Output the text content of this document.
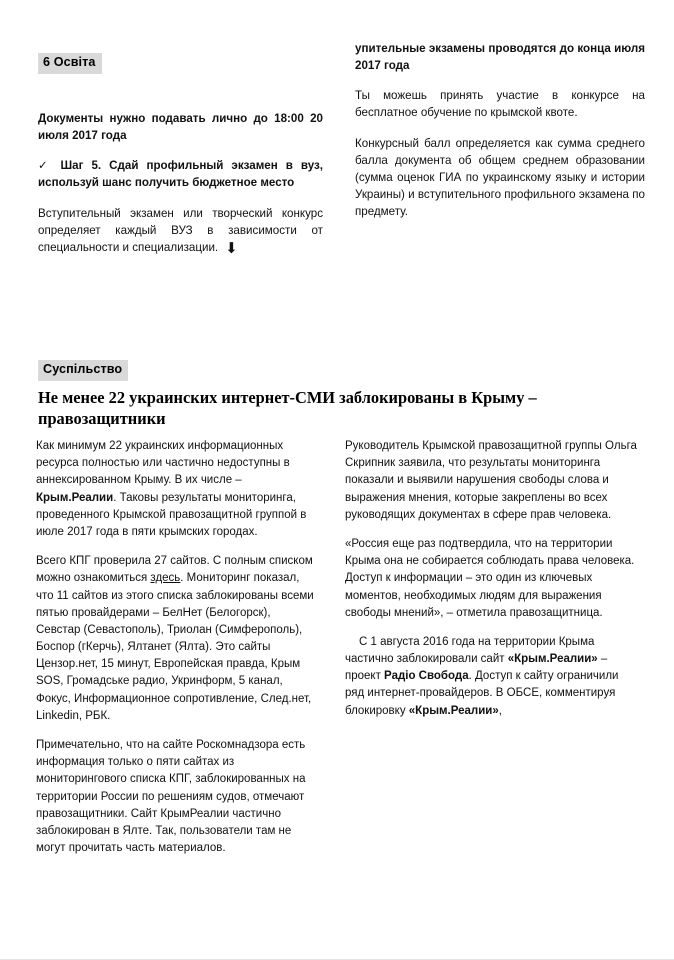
6 Освіта

Документы нужно подавать лично до 18:00 20 июля 2017 года

✓ Шаг 5. Сдай профильный экзамен в вуз, используй шанс получить бюджетное место

Вступительный экзамен или творческий конкурс определяет каждый ВУЗ в зависимости от специальности и специализации. ⬇

упительные экзамены проводятся до конца июля 2017 года

Ты можешь принять участие в конкурсе на бесплатное обучение по крымской квоте.

Конкурсный балл определяется как сумма среднего балла документа об общем среднем образовании (сумма оценок ГИА по украинскому языку и истории Украины) и вступительного профильного экзамена по предмету.

Суспільство
Не менее 22 украинских интернет-СМИ заблокированы в Крыму – правозащитники

Как минимум 22 украинских информационных ресурса полностью или частично недоступны в аннексированном Крыму. В их числе – Крым.Реалии. Таковы результаты мониторинга, проведенного Крымской правозащитной группой в июле 2017 года в пяти крымских городах.

Всего КПГ проверила 27 сайтов. С полным списком можно ознакомиться здесь. Мониторинг показал, что 11 сайтов из этого списка заблокированы всеми пятью провайдерами – БелНет (Белогорск), Севстар (Севастополь), Триолан (Симферополь), Боспор (гКерчь), Ялтанет (Ялта). Это сайты Цензор.нет, 15 минут, Европейская правда, Крым SOS, Громадське радио, Укринформ, 5 канал, Фокус, Информационное сопротивление, След.нет, Linkedin, РБК.

Примечательно, что на сайте Роскомнадзора есть информация только о пяти сайтах из мониторингового списка КПГ, заблокированных на территории России по решениям судов, отмечают правозащитники. Сайт КрымРеалии частично заблокирован в Ялте. Так, пользователи там не могут прочитать часть материалов.

Руководитель Крымской правозащитной группы Ольга Скрипник заявила, что результаты мониторинга показали и выявили нарушения свободы слова и выражения мнения, которые закреплены во всех руководящих документах в сфере прав человека.

«Россия еще раз подтвердила, что на территории Крыма она не собирается соблюдать права человека. Доступ к информации – это один из ключевых моментов, необходимых людям для выражения свободы мнений», – отметила правозащитница.

С 1 августа 2016 года на территории Крыма частично заблокировали сайт «Крым.Реалии» – проект Радіо Свобода. Доступ к сайту ограничили ряд интернет-провайдеров. В ОБСЕ, комментируя блокировку «Крым.Реалии»,
